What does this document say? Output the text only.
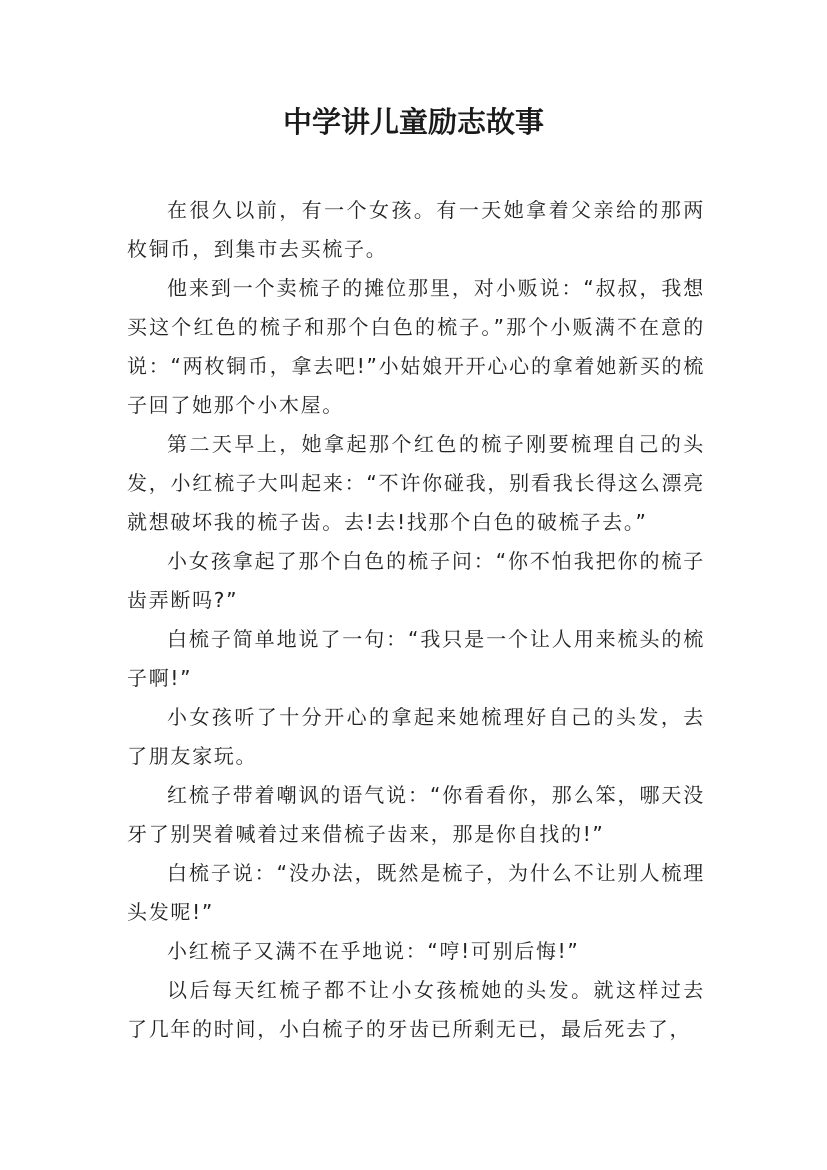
中学讲儿童励志故事

在很久以前，有一个女孩。有一天她拿着父亲给的那两枚铜币，到集市去买梳子。

他来到一个卖梳子的摊位那里，对小贩说：“叔叔，我想买这个红色的梳子和那个白色的梳子。”那个小贩满不在意的说：“两枚铜币，拿去吧!”小姑娘开开心心的拿着她新买的梳子回了她那个小木屋。

第二天早上，她拿起那个红色的梳子刚要梳理自己的头发，小红梳子大叫起来：“不许你碰我，别看我长得这么漂亮就想破坏我的梳子齿。去!去!找那个白色的破梳子去。”

小女孩拿起了那个白色的梳子问：“你不怕我把你的梳子齿弄断吗?”

白梳子简单地说了一句：“我只是一个让人用来梳头的梳子啊!”

小女孩听了十分开心的拿起来她梳理好自己的头发，去了朋友家玩。

红梳子带着嘲讽的语气说：“你看看你，那么笨，哪天没牙了别哭着喊着过来借梳子齿来，那是你自找的!”

白梳子说：“没办法，既然是梳子，为什么不让别人梳理头发呢!”

小红梳子又满不在乎地说：“哼!可别后悔!”

以后每天红梳子都不让小女孩梳她的头发。就这样过去了几年的时间，小白梳子的牙齿已所剩无已，最后死去了，
